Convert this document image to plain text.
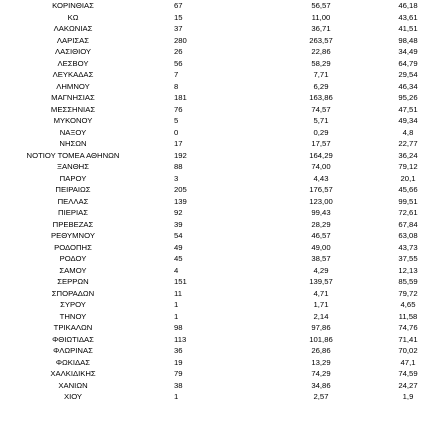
ΚΟΡΙΝΘΙΑΣ	67	56,57	46,18
ΚΩ	15	11,00	43,61
ΛΑΚΩΝΙΑΣ	37	36,71	41,51
ΛΑΡΙΣΑΣ	280	263,57	98,48
ΛΑΣΙΘΙΟΥ	26	22,86	34,49
ΛΕΣΒΟΥ	56	58,29	64,79
ΛΕΥΚΑΔΑΣ	7	7,71	29,54
ΛΗΜΝΟΥ	8	6,29	46,34
ΜΑΓΝΗΣΙΑΣ	181	163,86	95,26
ΜΕΣΣΗΝΙΑΣ	76	74,57	47,51
ΜΥΚΟΝΟΥ	5	5,71	49,34
ΝΑΞΟΥ	0	0,29	4,8
ΝΗΣΩΝ	17	17,57	22,77
ΝΟΤΙΟΥ ΤΟΜΕΑ ΑΘΗΝΩΝ	192	164,29	36,24
ΞΑΝΘΗΣ	88	74,00	79,12
ΠΑΡΟΥ	3	4,43	20,1
ΠΕΙΡΑΙΩΣ	205	176,57	45,66
ΠΕΛΛΑΣ	139	123,00	99,51
ΠΙΕΡΙΑΣ	92	99,43	72,61
ΠΡΕΒΕΖΑΣ	39	28,29	67,84
ΡΕΘΥΜΝΟΥ	54	46,57	63,08
ΡΟΔΟΠΗΣ	49	49,00	43,73
ΡΟΔΟΥ	45	38,57	37,55
ΣΑΜΟΥ	4	4,29	12,13
ΣΕΡΡΩΝ	151	139,57	85,59
ΣΠΟΡΑΔΩΝ	11	4,71	79,72
ΣΥΡΟΥ	1	1,71	4,65
ΤΗΝΟΥ	1	2,14	11,58
ΤΡΙΚΑΛΩΝ	98	97,86	74,76
ΦΘΙΩΤΙΔΑΣ	113	101,86	71,41
ΦΛΩΡΙΝΑΣ	36	26,86	70,02
ΦΩΚΙΔΑΣ	19	13,29	47,1
ΧΑΛΚΙΔΙΚΗΣ	79	74,29	74,59
ΧΑΝΙΩΝ	38	34,86	24,27
ΧΙΟΥ	1	2,57	1,9
